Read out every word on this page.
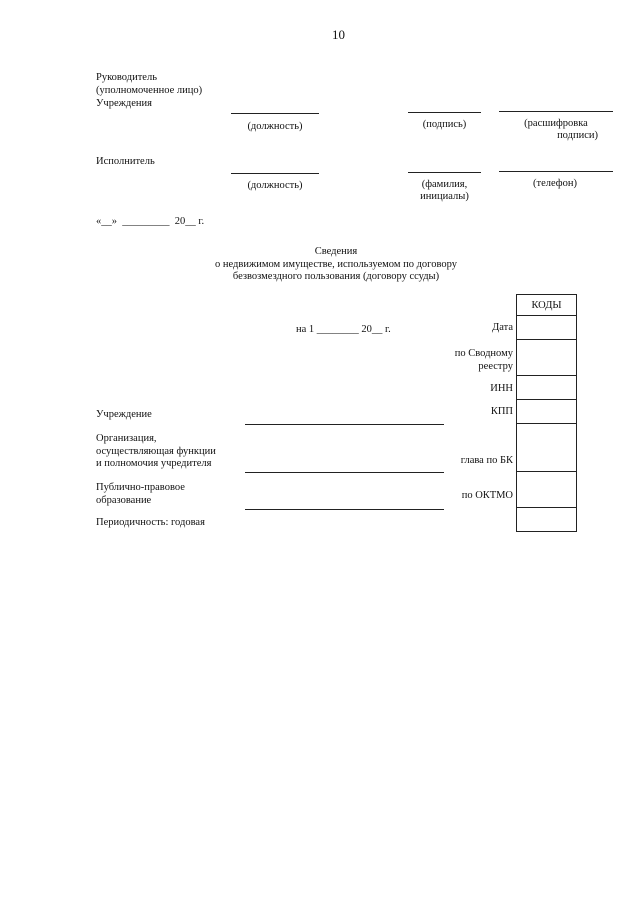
10
Руководитель
(уполномоченное лицо)
Учреждения
(должность)	(подпись)	(расшифровка
подписи)
Исполнитель
(должность)	(фамилия,
инициалы)
(телефон)
«__»  _________  20__ г.
Сведения
о недвижимом имуществе, используемом по договору
безвозмездного пользования (договору ссуды)
на 1 ________ 20__ г.
КОДЫ
Дата
по Сводному
реестру
ИНН
КПП
глава по БК
по ОКТМО
Учреждение
Организация,
осуществляющая функции
и полномочия учредителя
Публично-правовое
образование
Периодичность: годовая
